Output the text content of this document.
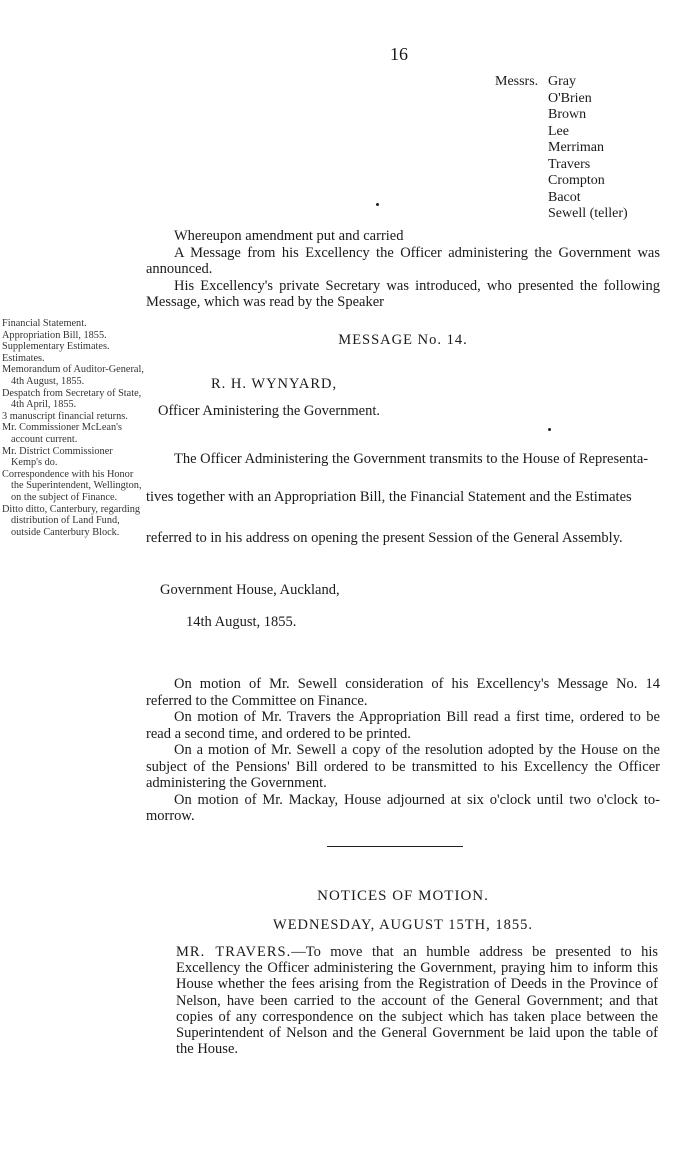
16
Messrs. Gray
O'Brien
Brown
Lee
Merriman
Travers
Crompton
Bacot
Sewell (teller)
Whereupon amendment put and carried
A Message from his Excellency the Officer administering the Government was announced.
His Excellency's private Secretary was introduced, who presented the following Message, which was read by the Speaker
Financial Statement.
Appropriation Bill, 1855.
Supplementary Estimates.
Estimates.
Memorandum of Auditor-General, 4th August, 1855.
Despatch from Secretary of State, 4th April, 1855.
3 manuscript financial returns.
Mr. Commissioner McLean's account current.
Mr. District Commissioner Kemp's do.
Correspondence with his Honor the Superintendent, Wellington, on the subject of Finance.
Ditto ditto, Canterbury, regarding distribution of Land Fund, outside Canterbury Block.
MESSAGE No. 14.
R. H. WYNYARD,
Officer Aministering the Government.
The Officer Administering the Government transmits to the House of Representa-
tives together with an Appropriation Bill, the Financial Statement and the Estimates
referred to in his address on opening the present Session of the General Assembly.
Government House, Auckland,
14th August, 1855.
On motion of Mr. Sewell consideration of his Excellency's Message No. 14 referred to the Committee on Finance.
On motion of Mr. Travers the Appropriation Bill read a first time, ordered to be read a second time, and ordered to be printed.
On a motion of Mr. Sewell a copy of the resolution adopted by the House on the subject of the Pensions' Bill ordered to be transmitted to his Excellency the Officer administering the Government.
On motion of Mr. Mackay, House adjourned at six o'clock until two o'clock to-morrow.
NOTICES OF MOTION.
WEDNESDAY, AUGUST 15TH, 1855.
MR. TRAVERS.—To move that an humble address be presented to his Excellency the Officer administering the Government, praying him to inform this House whether the fees arising from the Registration of Deeds in the Province of Nelson, have been carried to the account of the General Government; and that copies of any correspondence on the subject which has taken place between the Superintendent of Nelson and the General Government be laid upon the table of the House.
